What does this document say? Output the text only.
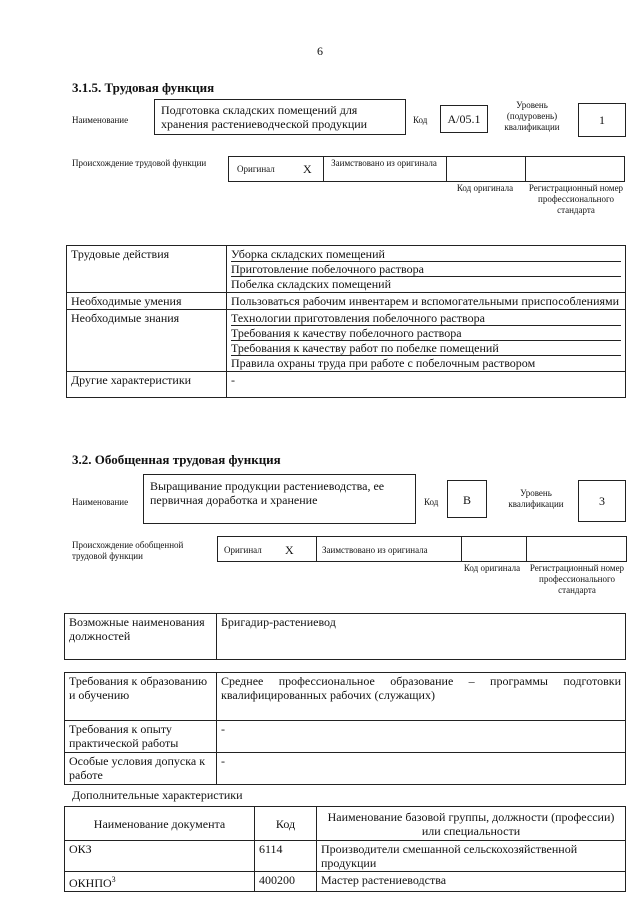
6
3.1.5. Трудовая функция
Наименование
Подготовка складских помещений для хранения растениеводческой продукции	Код	А/05.1
Уровень (подуровень) квалификации	1
Происхождение трудовой функции
Оригинал X Заимствовано из оригинала
Код оригинала	Регистрационный номер профессионального стандарта
Трудовые действия	Уборка складских помещений
Приготовление побелочного раствора
Побелка складских помещений
Необходимые умения	Пользоваться рабочим инвентарем и вспомогательными приспособлениями
Необходимые знания	Технологии приготовления побелочного раствора
Требования к качеству побелочного раствора
Требования к качеству работ по побелке помещений
Правила охраны труда при работе с побелочным раствором
Другие характеристики	-
3.2. Обобщенная трудовая функция
Наименование
Выращивание продукции растениеводства, ее первичная доработка и хранение	Код	В	Уровень квалификации	3
Происхождение обобщенной трудовой функции
Оригинал X	Заимствовано из оригинала
Код оригинала	Регистрационный номер профессионального стандарта
Возможные наименования должностей	Бригадир-растениевод
Требования к образованию и обучению	Среднее профессиональное образование – программы подготовки квалифицированных рабочих (служащих)
Требования к опыту практической работы	-
Особые условия допуска к работе	-
Дополнительные характеристики
Наименование документа	Код	Наименование базовой группы, должности (профессии) или специальности
ОКЗ	6114	Производители смешанной сельскохозяйственной продукции
ОКНПО$^3$	400200	Мастер растениеводства
